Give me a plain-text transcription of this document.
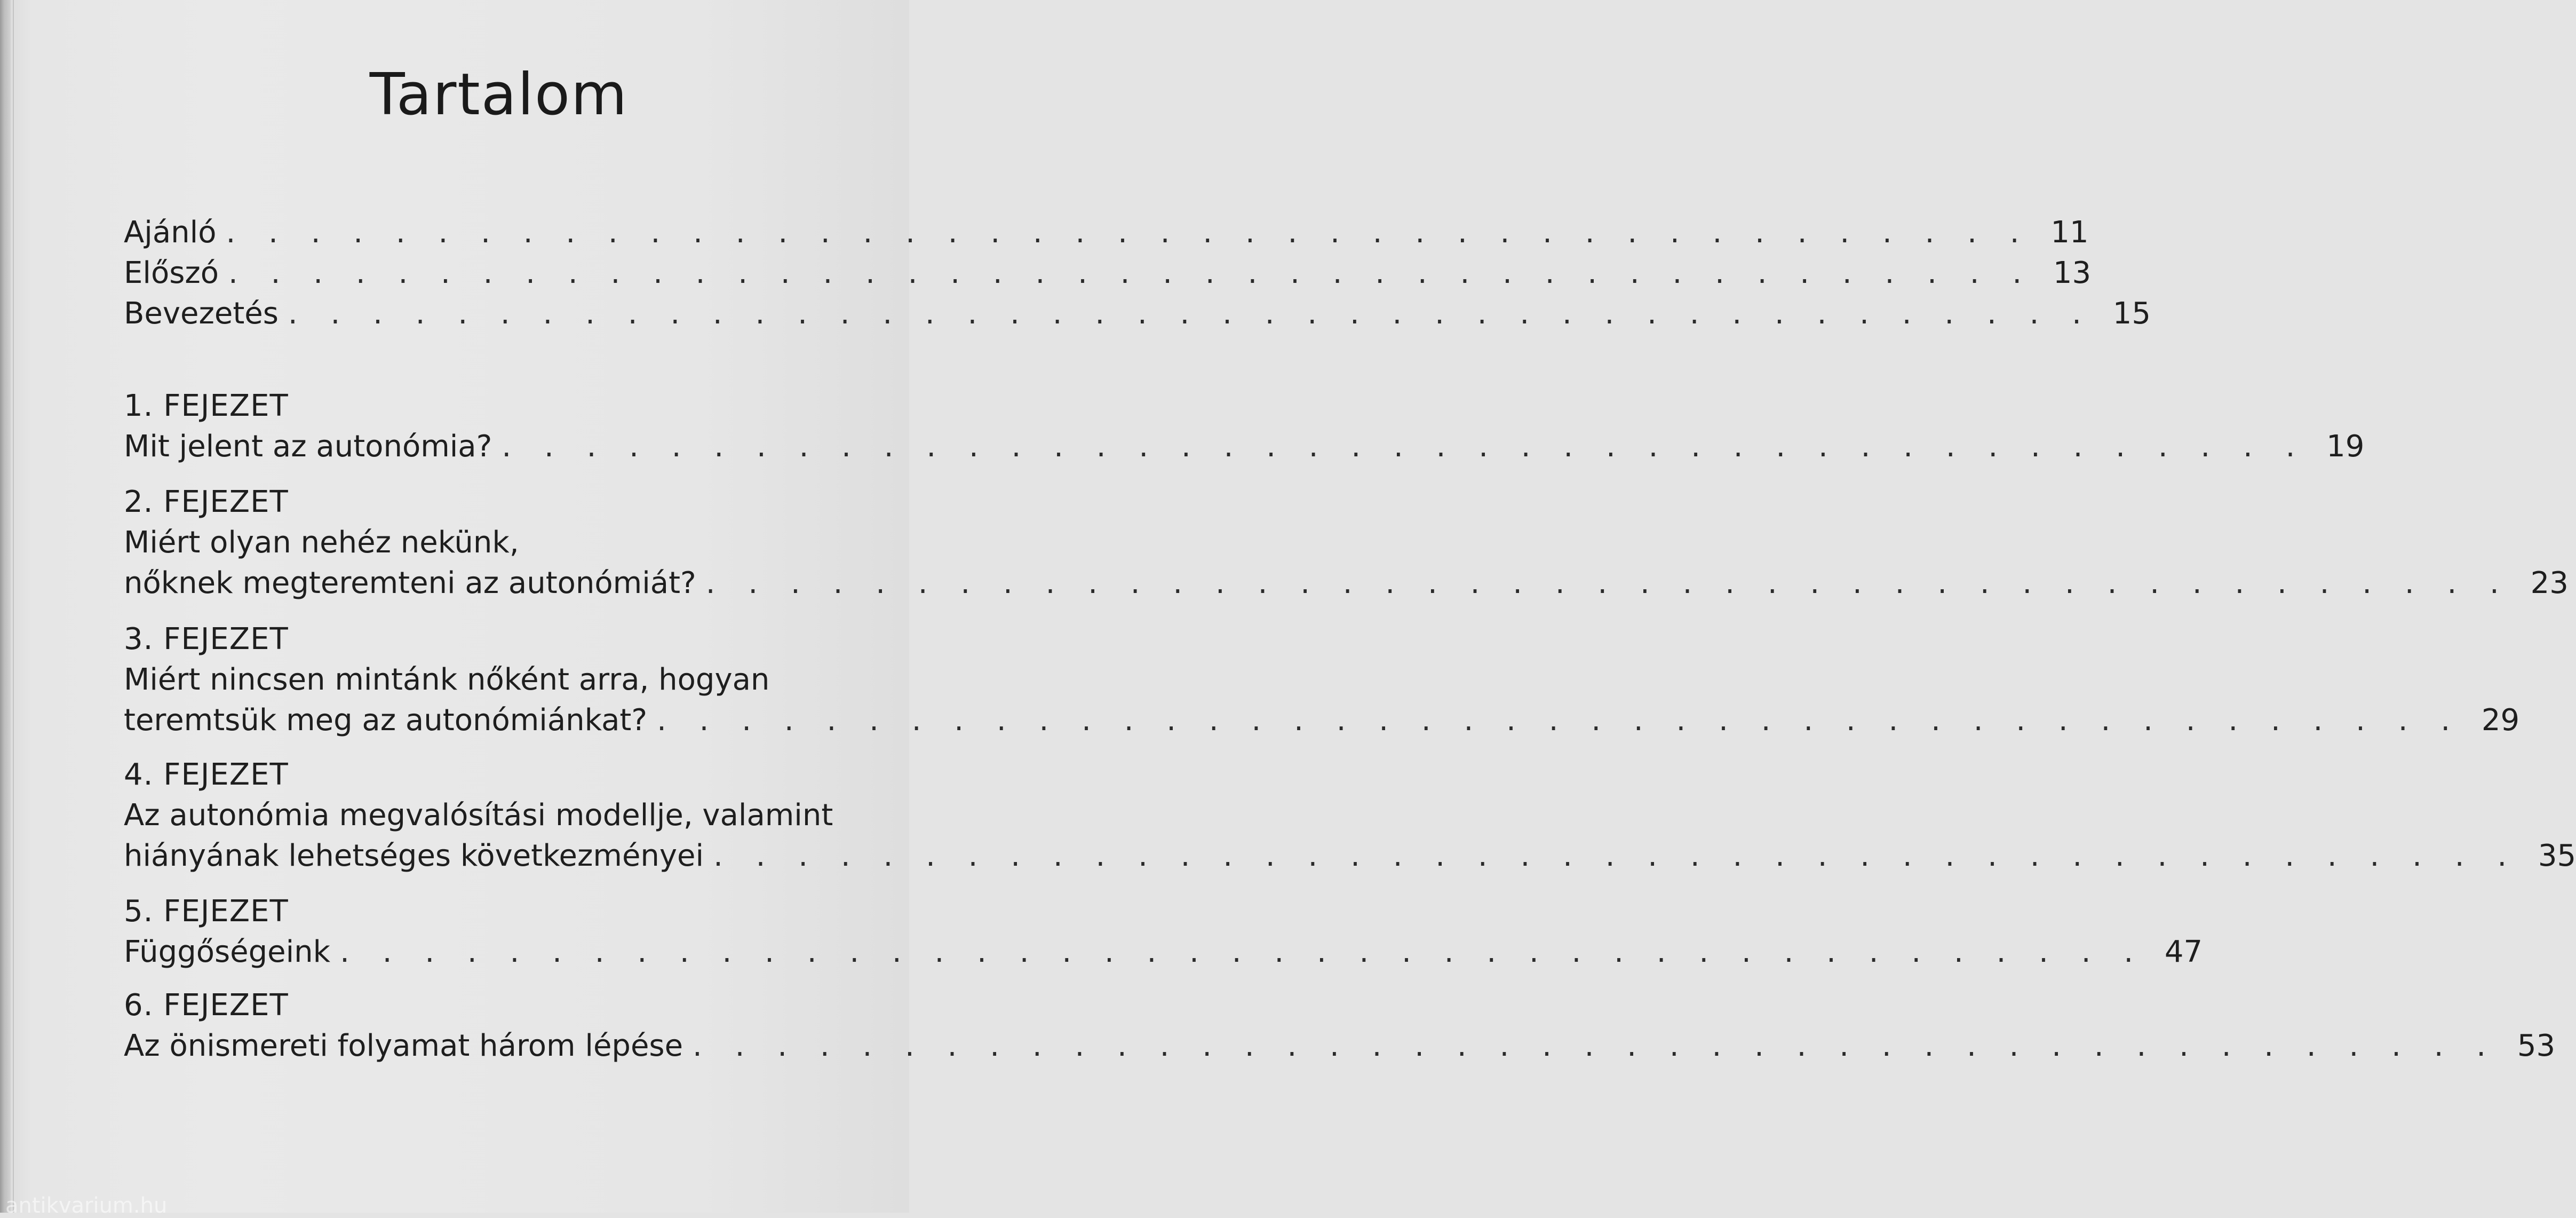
Tartalom
Ajánló . . . . . . . . . . . . . . . . . . . . . . . . . . . . . . . . . . . . . . . . . . . 11
Előszó . . . . . . . . . . . . . . . . . . . . . . . . . . . . . . . . . . . . . . . . . . . 13
Bevezetés . . . . . . . . . . . . . . . . . . . . . . . . . . . . . . . . . . . . . . . . . . . 15
1. FEJEZET
Mit jelent az autonómia? . . . . . . . . . . . . . . . . . . . . . . . . . . . . . . . . . . . . . . . . . . . 19
2. FEJEZET
Miért olyan nehéz nekünk,
nőknek megteremteni az autonómiát? . . . . . . . . . . . . . . . . . . . . . . . . . . . . . . . . . . . . . . . . . . . 23
3. FEJEZET
Miért nincsen mintánk nőként arra, hogyan
teremtsük meg az autonómiánkat? . . . . . . . . . . . . . . . . . . . . . . . . . . . . . . . . . . . . . . . . . . . 29
4. FEJEZET
Az autonómia megvalósítási modellje, valamint
hiányának lehetséges következményei . . . . . . . . . . . . . . . . . . . . . . . . . . . . . . . . . . . . . . . . . . . 35
5. FEJEZET
Függőségeink . . . . . . . . . . . . . . . . . . . . . . . . . . . . . . . . . . . . . . . . . . . 47
6. FEJEZET
Az önismereti folyamat három lépése . . . . . . . . . . . . . . . . . . . . . . . . . . . . . . . . . . . . . . . . . . . 53
antikvarium.hu
